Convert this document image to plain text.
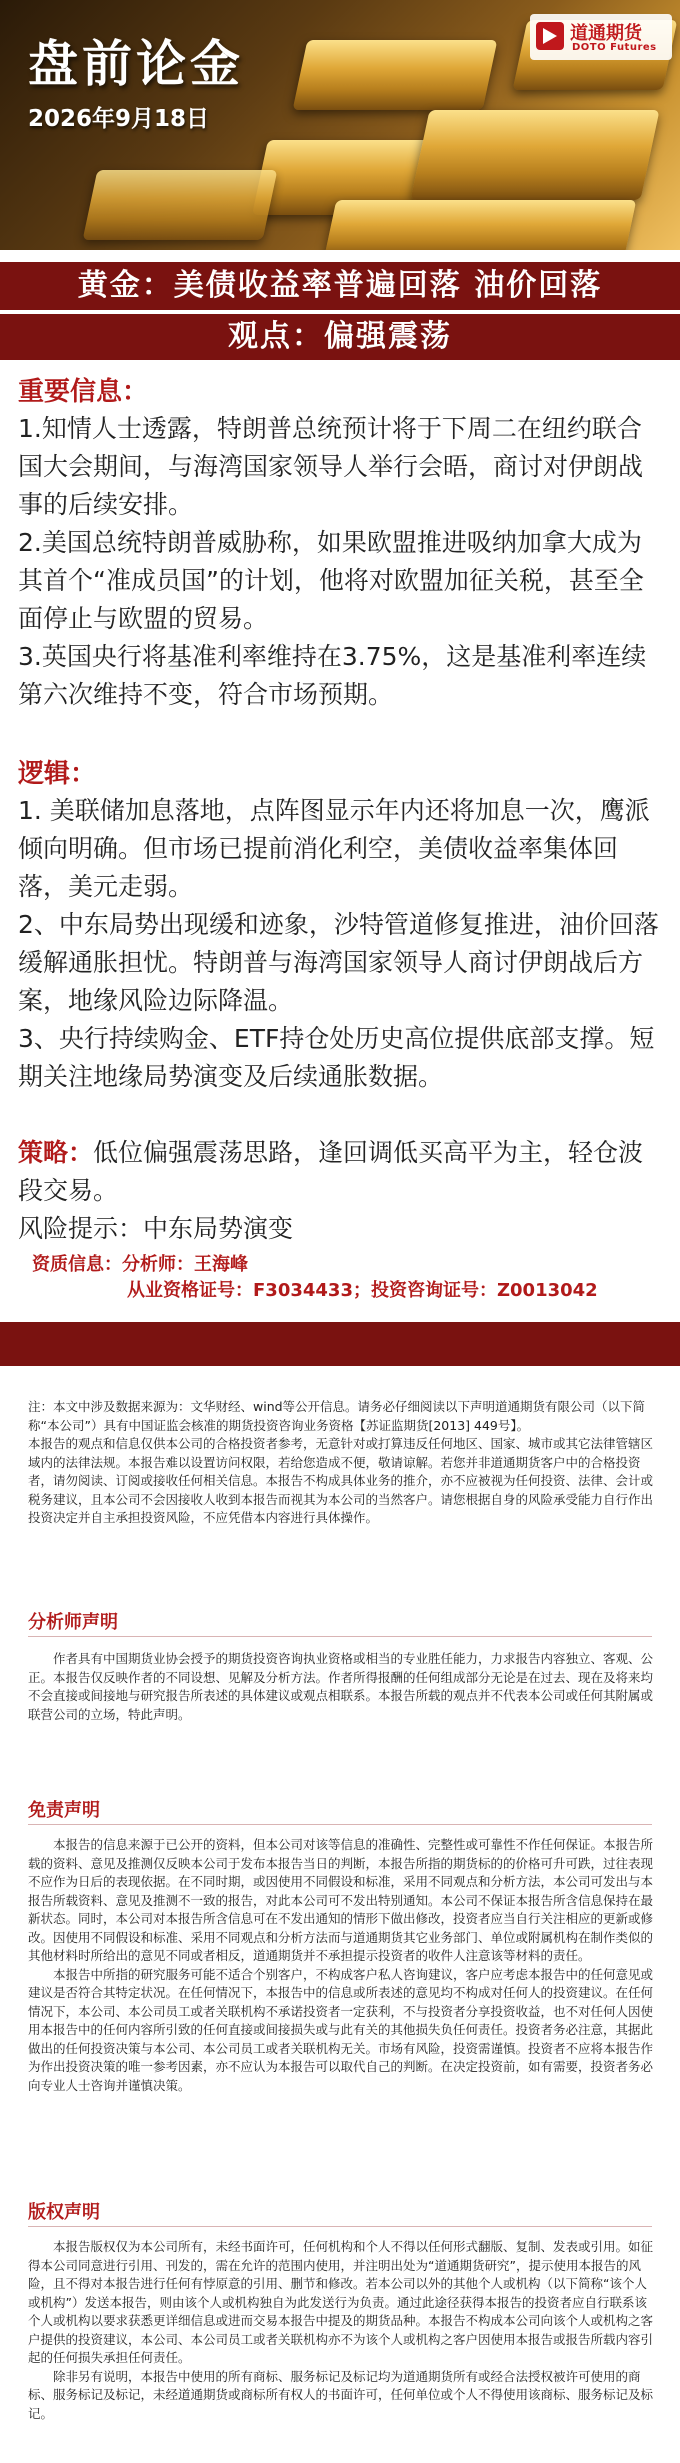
盘前论金
2026年9月18日
道通期货
DOTO Futures
黄金：美债收益率普遍回落 油价回落
观点：偏强震荡
重要信息：
1.知情人士透露，特朗普总统预计将于下周二在纽约联合国大会期间，与海湾国家领导人举行会晤，商讨对伊朗战事的后续安排。
2.美国总统特朗普威胁称，如果欧盟推进吸纳加拿大成为其首个“准成员国”的计划，他将对欧盟加征关税，甚至全面停止与欧盟的贸易。
3.英国央行将基准利率维持在3.75%，这是基准利率连续第六次维持不变，符合市场预期。
逻辑：
1. 美联储加息落地，点阵图显示年内还将加息一次，鹰派倾向明确。但市场已提前消化利空，美债收益率集体回落，美元走弱。
2、中东局势出现缓和迹象，沙特管道修复推进，油价回落缓解通胀担忧。特朗普与海湾国家领导人商讨伊朗战后方案，地缘风险边际降温。
3、央行持续购金、ETF持仓处历史高位提供底部支撑。短期关注地缘局势演变及后续通胀数据。
策略：低位偏强震荡思路，逢回调低买高平为主，轻仓波段交易。
风险提示：中东局势演变
资质信息：分析师：王海峰
从业资格证号：F3034433；投资咨询证号：Z0013042

注：本文中涉及数据来源为：文华财经、wind等公开信息。请务必仔细阅读以下声明道通期货有限公司（以下简称“本公司”）具有中国证监会核准的期货投资咨询业务资格【苏证监期货[2013] 449号】。

本报告的观点和信息仅供本公司的合格投资者参考，无意针对或打算违反任何地区、国家、城市或其它法律管辖区域内的法律法规。本报告难以设置访问权限，若给您造成不便，敬请谅解。若您并非道通期货客户中的合格投资者，请勿阅读、订阅或接收任何相关信息。本报告不构成具体业务的推介，亦不应被视为任何投资、法律、会计或税务建议，且本公司不会因接收人收到本报告而视其为本公司的当然客户。请您根据自身的风险承受能力自行作出投资决定并自主承担投资风险，不应凭借本内容进行具体操作。

分析师声明

作者具有中国期货业协会授予的期货投资咨询执业资格或相当的专业胜任能力，力求报告内容独立、客观、公正。本报告仅反映作者的不同设想、见解及分析方法。作者所得报酬的任何组成部分无论是在过去、现在及将来均不会直接或间接地与研究报告所表述的具体建议或观点相联系。本报告所载的观点并不代表本公司或任何其附属或联营公司的立场，特此声明。

免责声明

本报告的信息来源于已公开的资料，但本公司对该等信息的准确性、完整性或可靠性不作任何保证。本报告所载的资料、意见及推测仅反映本公司于发布本报告当日的判断，本报告所指的期货标的的价格可升可跌，过往表现不应作为日后的表现依据。在不同时期，或因使用不同假设和标准，采用不同观点和分析方法，本公司可发出与本报告所载资料、意见及推测不一致的报告，对此本公司可不发出特别通知。本公司不保证本报告所含信息保持在最新状态。同时，本公司对本报告所含信息可在不发出通知的情形下做出修改，投资者应当自行关注相应的更新或修改。因使用不同假设和标准、采用不同观点和分析方法而与道通期货其它业务部门、单位或附属机构在制作类似的其他材料时所给出的意见不同或者相反，道通期货并不承担提示投资者的收件人注意该等材料的责任。

本报告中所指的研究服务可能不适合个别客户，不构成客户私人咨询建议，客户应考虑本报告中的任何意见或建议是否符合其特定状况。在任何情况下，本报告中的信息或所表述的意见均不构成对任何人的投资建议。在任何情况下，本公司、本公司员工或者关联机构不承诺投资者一定获利，不与投资者分享投资收益，也不对任何人因使用本报告中的任何内容所引致的任何直接或间接损失或与此有关的其他损失负任何责任。投资者务必注意，其据此做出的任何投资决策与本公司、本公司员工或者关联机构无关。市场有风险，投资需谨慎。投资者不应将本报告作为作出投资决策的唯一参考因素，亦不应认为本报告可以取代自己的判断。在决定投资前，如有需要，投资者务必向专业人士咨询并谨慎决策。

版权声明

本报告版权仅为本公司所有，未经书面许可，任何机构和个人不得以任何形式翻版、复制、发表或引用。如征得本公司同意进行引用、刊发的，需在允许的范围内使用，并注明出处为“道通期货研究”，提示使用本报告的风险，且不得对本报告进行任何有悖原意的引用、删节和修改。若本公司以外的其他个人或机构（以下简称“该个人或机构”）发送本报告，则由该个人或机构独自为此发送行为负责。通过此途径获得本报告的投资者应自行联系该个人或机构以要求获悉更详细信息或进而交易本报告中提及的期货品种。本报告不构成本公司向该个人或机构之客户提供的投资建议，本公司、本公司员工或者关联机构亦不为该个人或机构之客户因使用本报告或报告所载内容引起的任何损失承担任何责任。

除非另有说明，本报告中使用的所有商标、服务标记及标记均为道通期货所有或经合法授权被许可使用的商标、服务标记及标记，未经道通期货或商标所有权人的书面许可，任何单位或个人不得使用该商标、服务标记及标记。
